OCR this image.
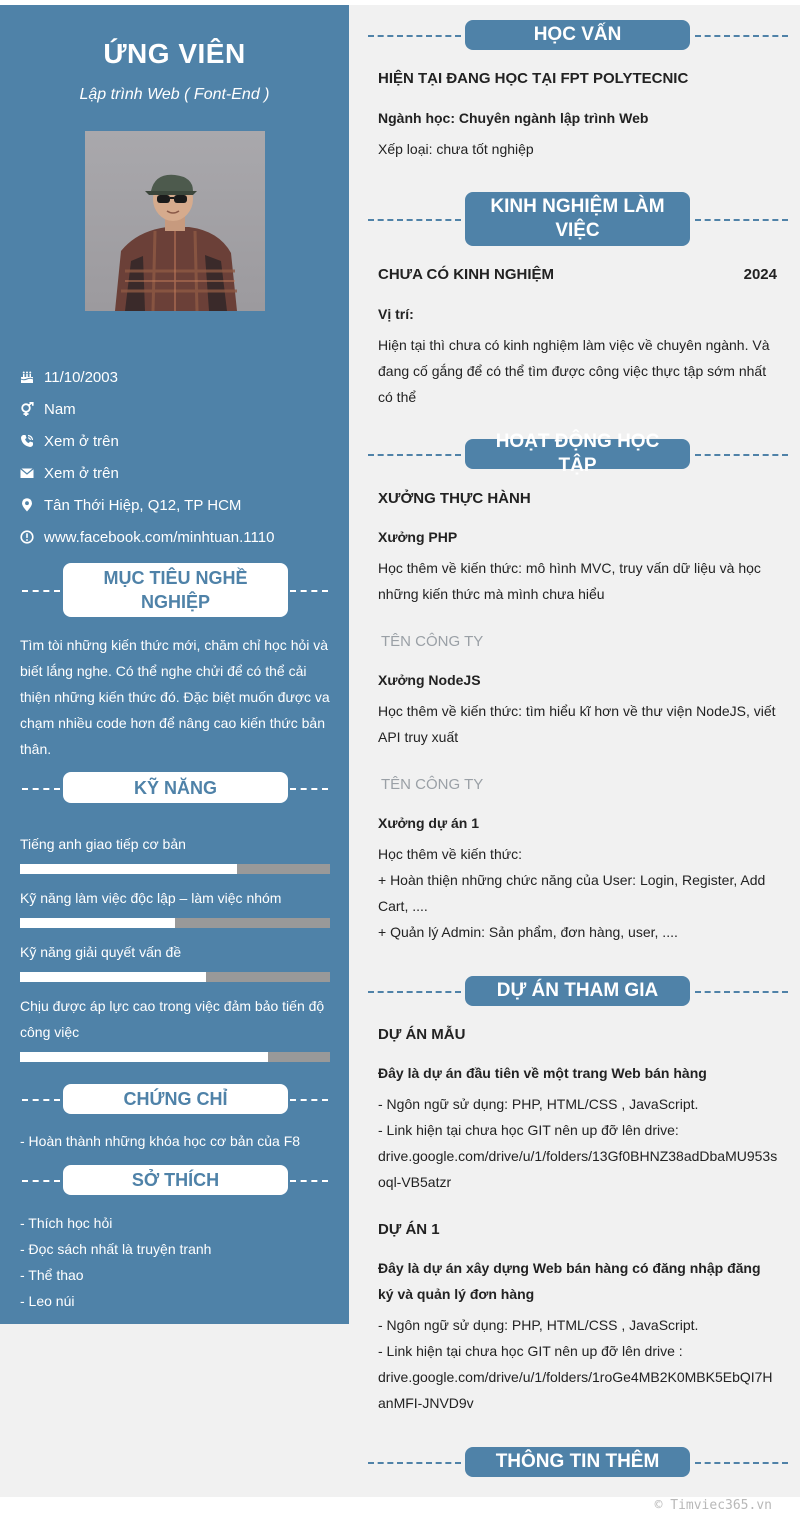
ỨNG VIÊN
Lập trình Web ( Font-End )
11/10/2003
Nam
Xem ở trên
Xem ở trên
Tân Thới Hiệp, Q12, TP HCM
www.facebook.com/minhtuan.1110
MỤC TIÊU NGHỀ NGHIỆP
Tìm tòi những kiến thức mới, chăm chỉ học hỏi và biết lắng nghe. Có thể nghe chửi để có thể cải thiện những kiến thức đó. Đặc biệt muốn được va chạm nhiều code hơn để nâng cao kiến thức bản thân.
KỸ NĂNG
Tiếng anh giao tiếp cơ bản
Kỹ năng làm việc độc lập – làm việc nhóm
Kỹ năng giải quyết vấn đề
Chịu được áp lực cao trong việc đảm bảo tiến độ công việc
CHỨNG CHỈ
- Hoàn thành những khóa học cơ bản của F8
SỞ THÍCH
- Thích học hỏi
- Đọc sách nhất là truyện tranh
- Thể thao
- Leo núi
HỌC VẤN
HIỆN TẠI ĐANG HỌC TẠI FPT POLYTECNIC
Ngành học: Chuyên ngành lập trình Web
Xếp loại: chưa tốt nghiệp
KINH NGHIỆM LÀM VIỆC
CHƯA CÓ KINH NGHIỆM	2024
Vị trí:
Hiện tại thì chưa có kinh nghiệm làm việc về chuyên ngành. Và đang cố gắng để có thể tìm được công việc thực tập sớm nhất có thể
HOẠT ĐỘNG HỌC TẬP
XƯỞNG THỰC HÀNH
Xưởng PHP
Học thêm về kiến thức: mô hình MVC, truy vấn dữ liệu và học những kiến thức mà mình chưa hiểu
TÊN CÔNG TY
Xưởng NodeJS
Học thêm về kiến thức: tìm hiểu kĩ hơn về thư viện NodeJS, viết API truy xuất
TÊN CÔNG TY
Xưởng dự án 1
Học thêm về kiến thức:
+ Hoàn thiện những chức năng của User: Login, Register, Add Cart, ....
+ Quản lý Admin: Sản phẩm, đơn hàng, user, ....
DỰ ÁN THAM GIA
DỰ ÁN MẪU
Đây là dự án đầu tiên về một trang Web bán hàng
- Ngôn ngữ sử dụng: PHP, HTML/CSS , JavaScript.
- Link hiện tại chưa học GIT nên up đỡ lên drive:
drive.google.com/drive/u/1/folders/13Gf0BHNZ38adDbaMU953soql-VB5atzr
DỰ ÁN 1
Đây là dự án xây dựng Web bán hàng có đăng nhập đăng ký và quản lý đơn hàng
- Ngôn ngữ sử dụng: PHP, HTML/CSS , JavaScript.
- Link hiện tại chưa học GIT nên up đỡ lên drive :
drive.google.com/drive/u/1/folders/1roGe4MB2K0MBK5EbQI7HanMFI-JNVD9v
THÔNG TIN THÊM
© Timviec365.vn
